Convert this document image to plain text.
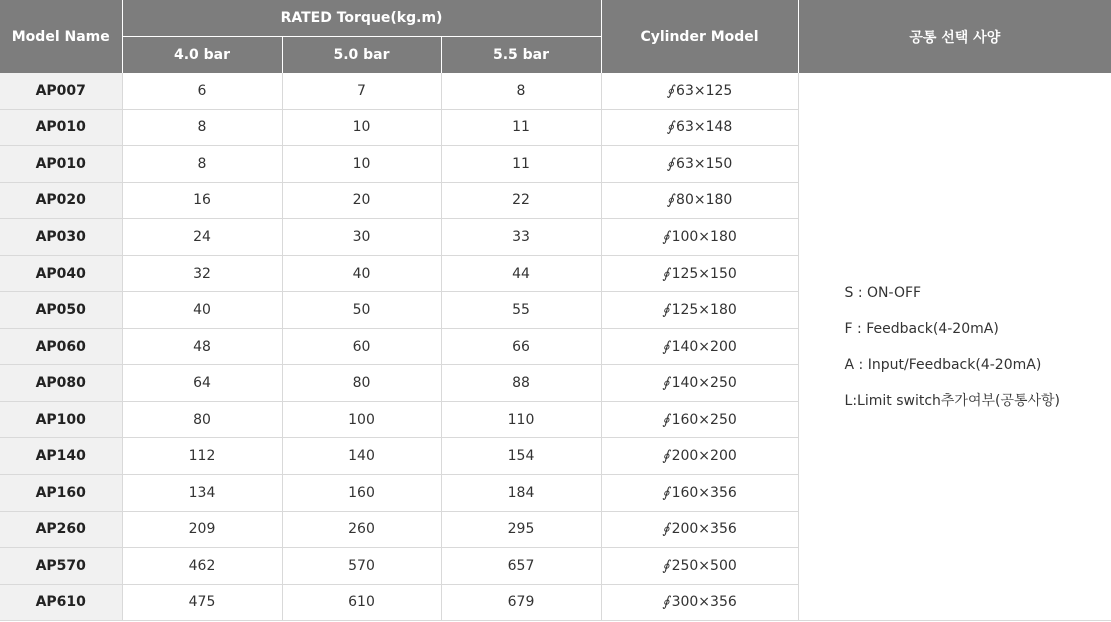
Model Name	RATED Torque(kg.m)			Cylinder Model	공통 선택 사양
	4.0 bar	5.0 bar	5.5 bar		
AP007	6	7	8	∮ 63×125	S : ON-OFF
F : Feedback(4-20mA)
A : Input/Feedback(4-20mA)
L:Limit switch추가여부(공통사항)

AP010	8	10	11	∮ 63×148	
AP010	8	10	11	∮ 63×150	
AP020	16	20	22	∮ 80×180	
AP030	24	30	33	∮ 100×180	
AP040	32	40	44	∮ 125×150	
AP050	40	50	55	∮ 125×180	
AP060	48	60	66	∮ 140×200	
AP080	64	80	88	∮ 140×250	
AP100	80	100	110	∮ 160×250	
AP140	112	140	154	∮ 200×200	
AP160	134	160	184	∮ 160×356	
AP260	209	260	295	∮ 200×356	
AP570	462	570	657	∮ 250×500	
AP610	475	610	679	∮ 300×356	
